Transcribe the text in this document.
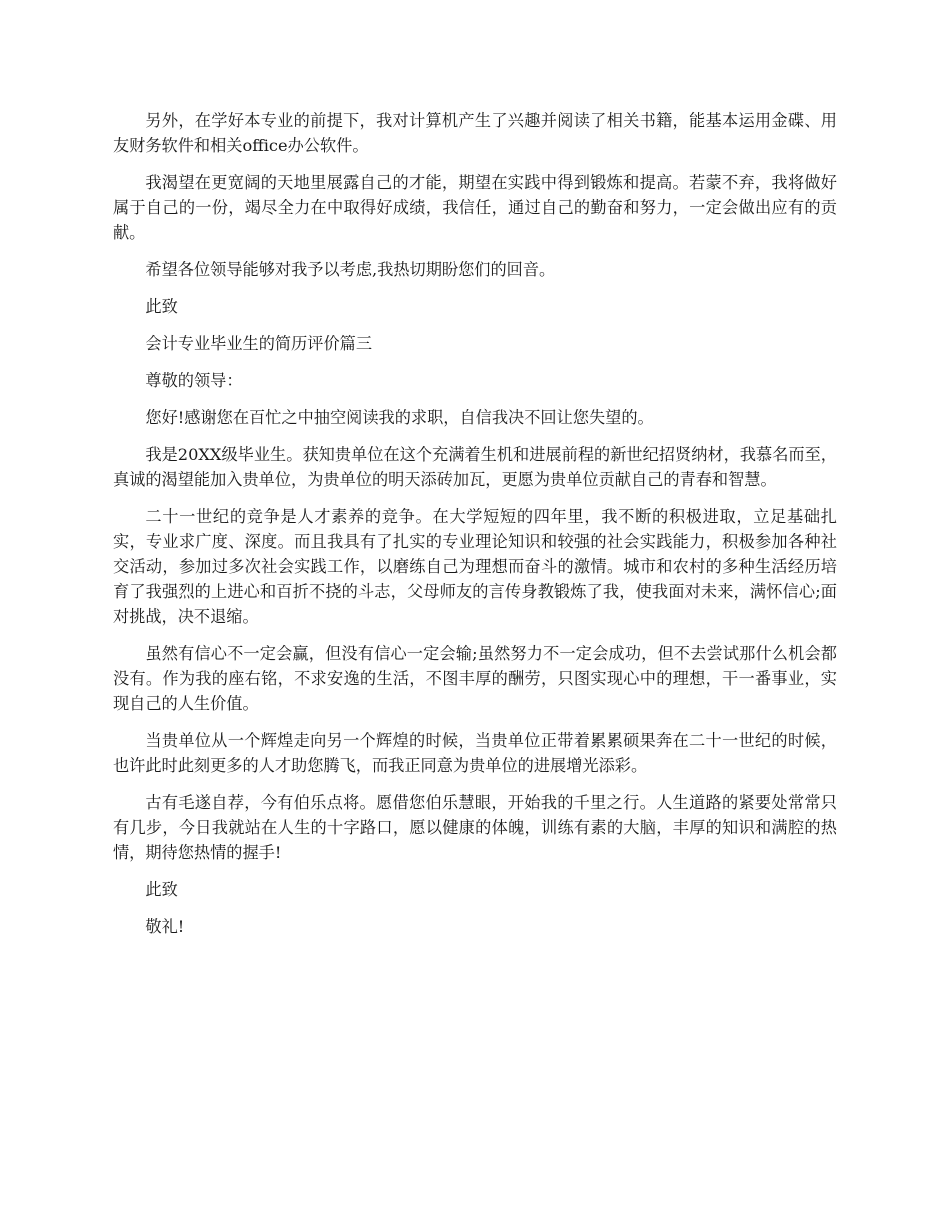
另外，在学好本专业的前提下，我对计算机产生了兴趣并阅读了相关书籍，能基本运用金碟、用友财务软件和相关office办公软件。

我渴望在更宽阔的天地里展露自己的才能，期望在实践中得到锻炼和提高。若蒙不弃，我将做好属于自己的一份，竭尽全力在中取得好成绩，我信任，通过自己的勤奋和努力，一定会做出应有的贡献。

希望各位领导能够对我予以考虑,我热切期盼您们的回音。

此致

会计专业毕业生的简历评价篇三

尊敬的领导：

您好!感谢您在百忙之中抽空阅读我的求职，自信我决不回让您失望的。

我是20XX级毕业生。获知贵单位在这个充满着生机和进展前程的新世纪招贤纳材，我慕名而至，真诚的渴望能加入贵单位，为贵单位的明天添砖加瓦，更愿为贵单位贡献自己的青春和智慧。

二十一世纪的竞争是人才素养的竞争。在大学短短的四年里，我不断的积极进取，立足基础扎实，专业求广度、深度。而且我具有了扎实的专业理论知识和较强的社会实践能力，积极参加各种社交活动，参加过多次社会实践工作，以磨练自己为理想而奋斗的激情。城市和农村的多种生活经历培育了我强烈的上进心和百折不挠的斗志，父母师友的言传身教锻炼了我，使我面对未来，满怀信心;面对挑战，决不退缩。

虽然有信心不一定会赢，但没有信心一定会输;虽然努力不一定会成功，但不去尝试那什么机会都没有。作为我的座右铭，不求安逸的生活，不图丰厚的酬劳，只图实现心中的理想，干一番事业，实现自己的人生价值。

当贵单位从一个辉煌走向另一个辉煌的时候，当贵单位正带着累累硕果奔在二十一世纪的时候，也许此时此刻更多的人才助您腾飞，而我正同意为贵单位的进展增光添彩。

古有毛遂自荐，今有伯乐点将。愿借您伯乐慧眼，开始我的千里之行。人生道路的紧要处常常只有几步，今日我就站在人生的十字路口，愿以健康的体魄，训练有素的大脑，丰厚的知识和满腔的热情，期待您热情的握手!

此致

敬礼!
